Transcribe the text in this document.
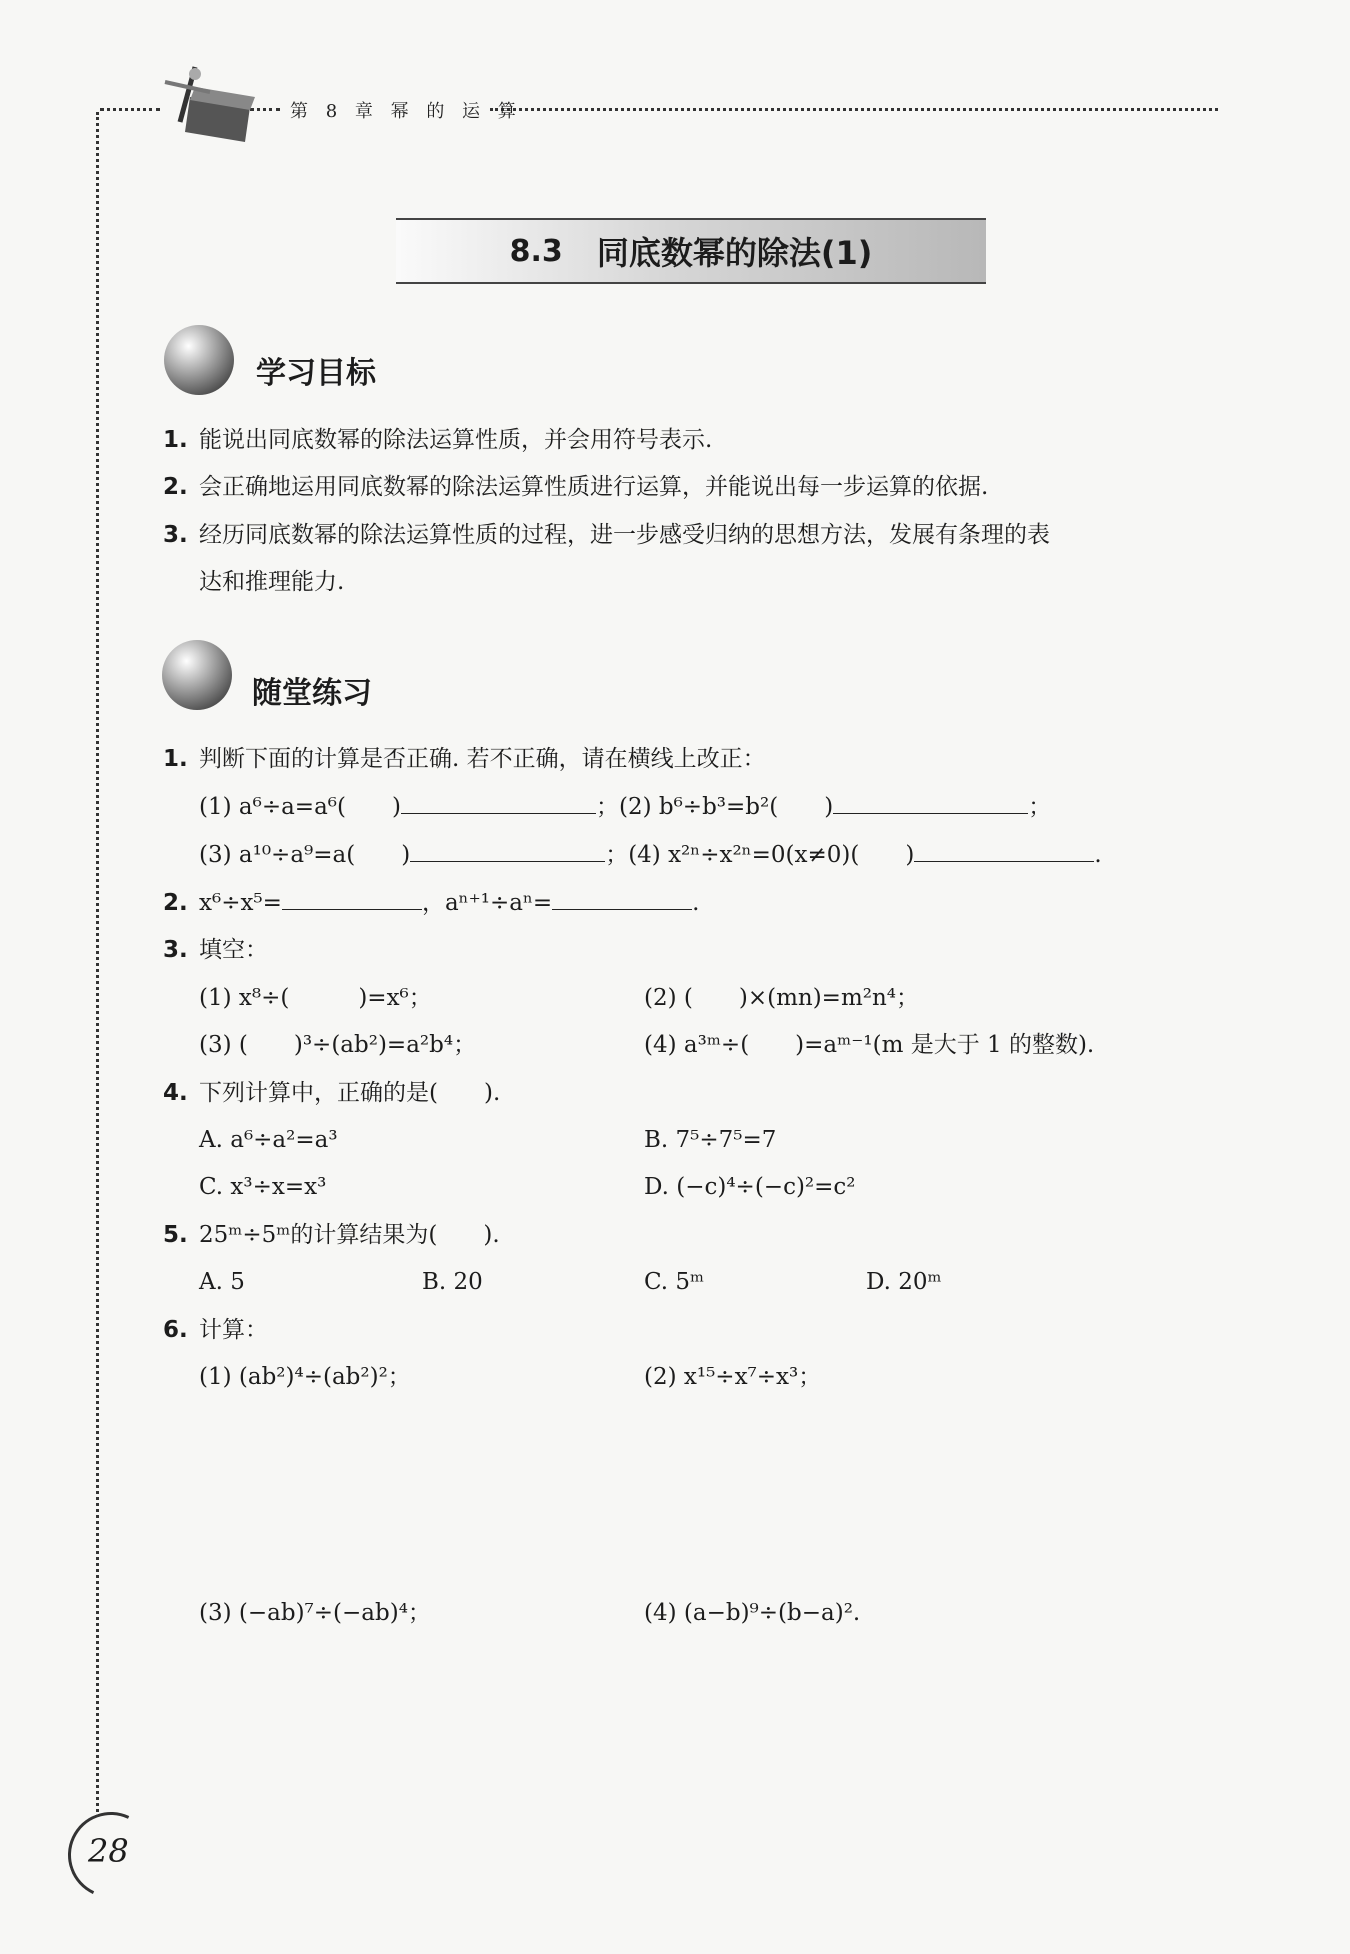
第 8 章 幂 的 运 算
8.3 同底数幂的除法(1)
学习目标
1. 能说出同底数幂的除法运算性质，并会用符号表示.
2. 会正确地运用同底数幂的除法运算性质进行运算，并能说出每一步运算的依据.
3. 经历同底数幂的除法运算性质的过程，进一步感受归纳的思想方法，发展有条理的表
达和推理能力.
随堂练习
1. 判断下面的计算是否正确. 若不正确，请在横线上改正：
(1) a⁶÷a=a⁶(　　)	；(2) b⁶÷b³=b²(　　)	；
(3) a¹⁰÷a⁹=a(　　)	；(4) x²ⁿ÷x²ⁿ=0(x≠0)(　　)	.
2. x⁶÷x⁵=	，aⁿ⁺¹÷aⁿ=	.
3. 填空：
(1) x⁸÷(　　　)=x⁶；	(2) (　　)×(mn)=m²n⁴；
(3) (　　)³÷(ab²)=a²b⁴；	(4) a³ᵐ÷(　　)=aᵐ⁻¹(m 是大于 1 的整数).
4. 下列计算中，正确的是(　　).
A. a⁶÷a²=a³	B. 7⁵÷7⁵=7
C. x³÷x=x³	D. (−c)⁴÷(−c)²=c²
5. 25ᵐ÷5ᵐ的计算结果为(　　).
A. 5	B. 20	C. 5ᵐ	D. 20ᵐ
6. 计算：
(1) (ab²)⁴÷(ab²)²；	(2) x¹⁵÷x⁷÷x³；
(3) (−ab)⁷÷(−ab)⁴；	(4) (a−b)⁹÷(b−a)².
28
